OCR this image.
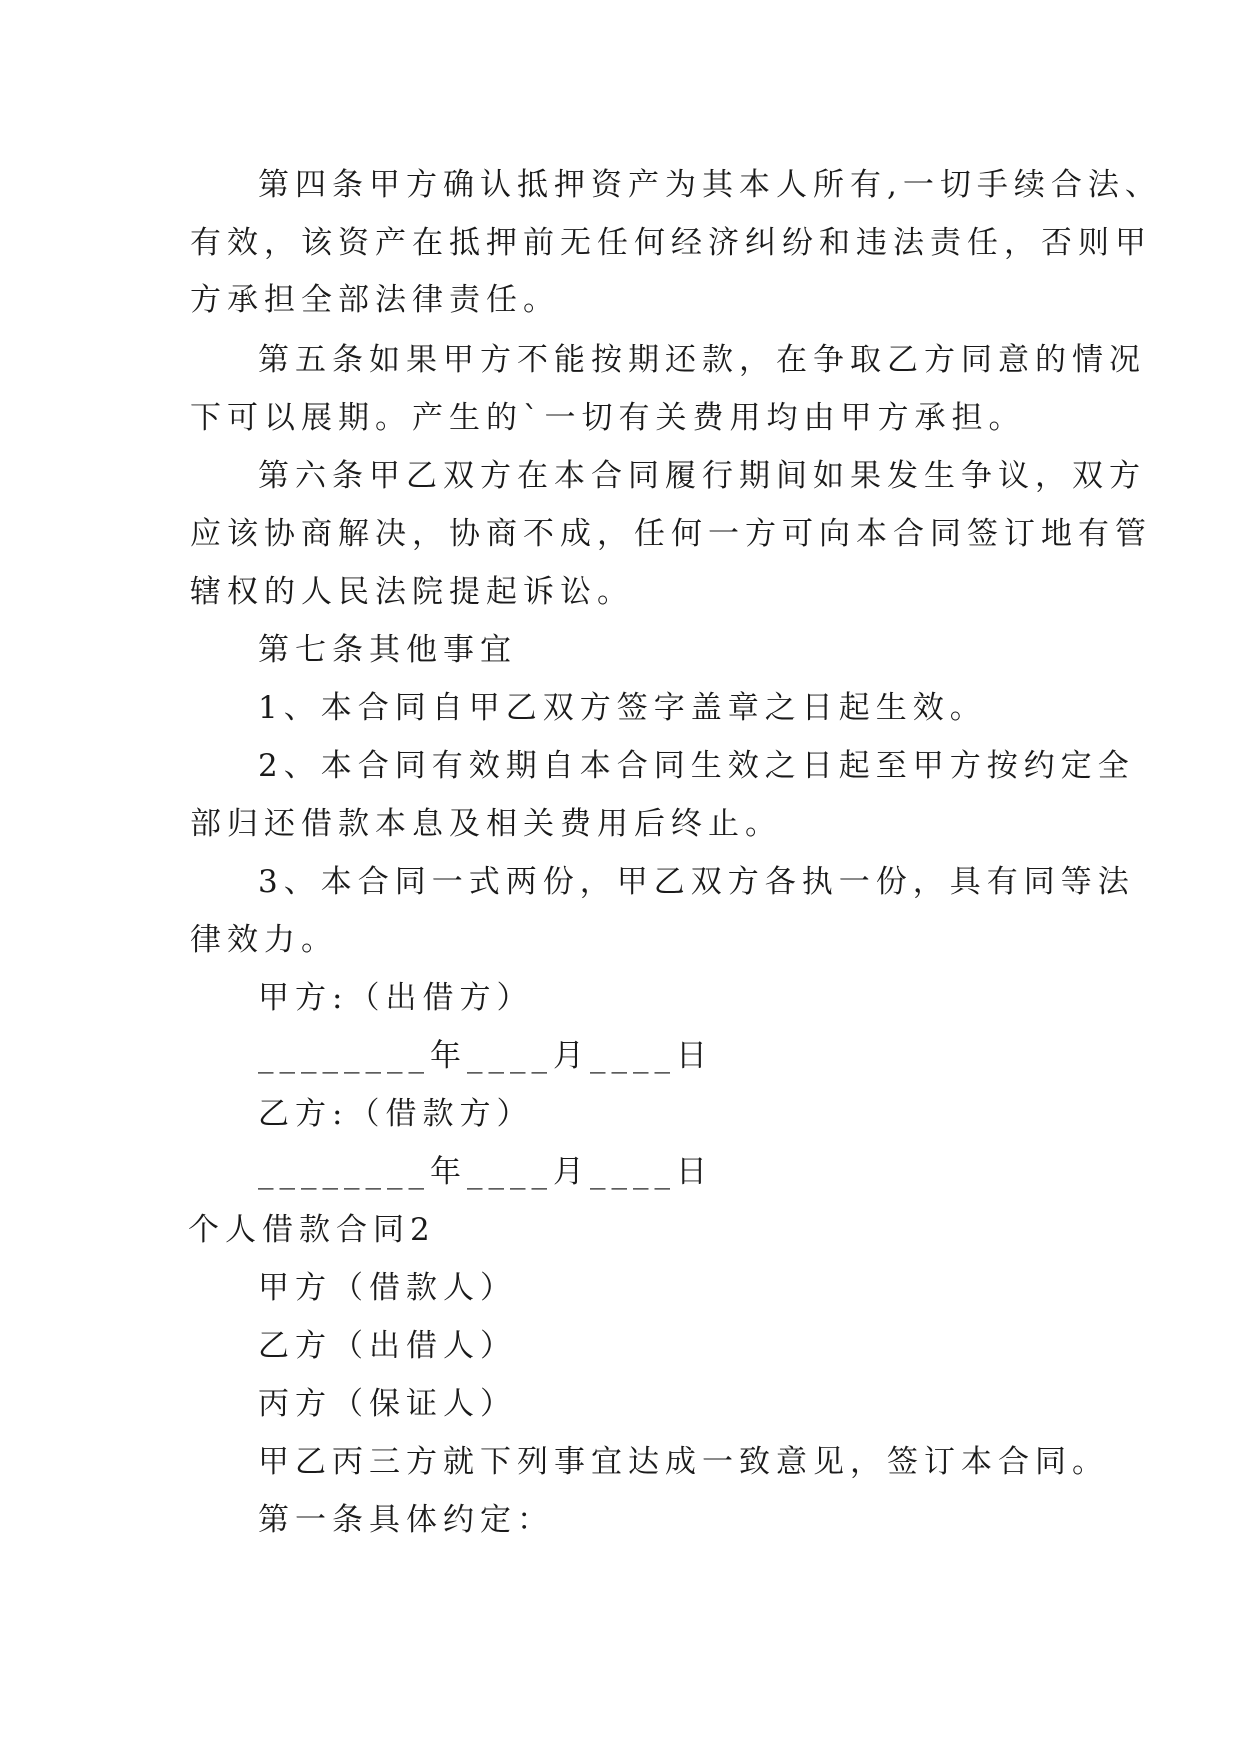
第四条甲方确认抵押资产为其本人所有,一切手续合法、
有效，该资产在抵押前无任何经济纠纷和违法责任，否则甲
方承担全部法律责任。
第五条如果甲方不能按期还款，在争取乙方同意的情况
下可以展期。产生的`一切有关费用均由甲方承担。
第六条甲乙双方在本合同履行期间如果发生争议，双方
应该协商解决，协商不成，任何一方可向本合同签订地有管
辖权的人民法院提起诉讼。
第七条其他事宜
1、本合同自甲乙双方签字盖章之日起生效。
2、本合同有效期自本合同生效之日起至甲方按约定全
部归还借款本息及相关费用后终止。
3、本合同一式两份，甲乙双方各执一份，具有同等法
律效力。
甲方:（出借方）
________年____月____日
乙方:（借款方）
________年____月____日
个人借款合同2
甲方（借款人）
乙方（出借人）
丙方（保证人）
甲乙丙三方就下列事宜达成一致意见，签订本合同。
第一条具体约定：
